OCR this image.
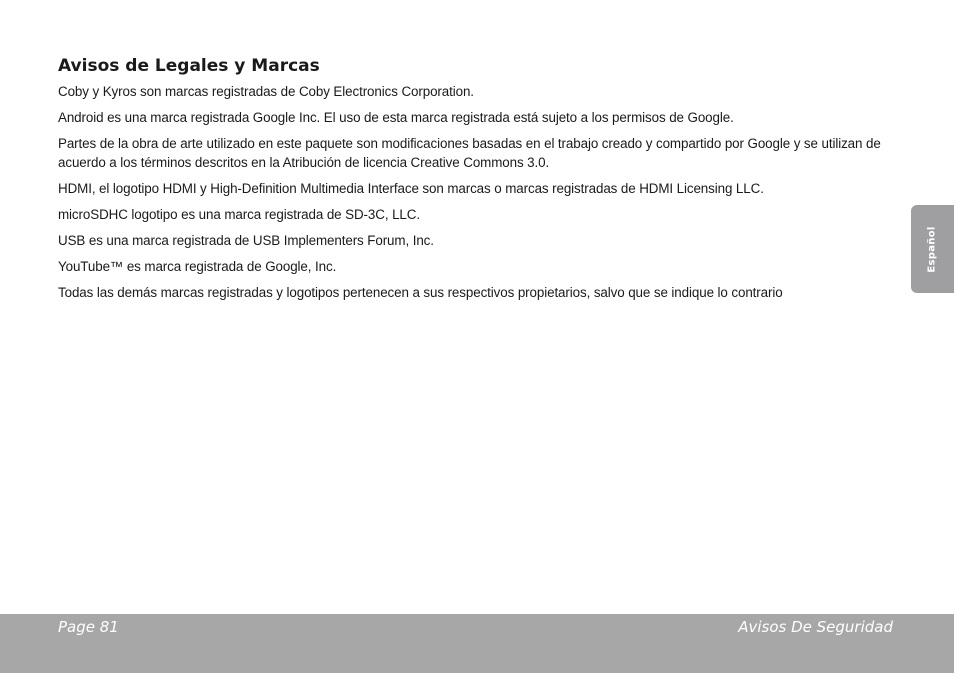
Avisos de Legales y Marcas

Coby y Kyros son marcas registradas de Coby Electronics Corporation.

Android es una marca registrada Google Inc. El uso de esta marca registrada está sujeto a los permisos de Google.

Partes de la obra de arte utilizado en este paquete son modificaciones basadas en el trabajo creado y compartido por Google y se utilizan de acuerdo a los términos descritos en la Atribución de licencia Creative Commons 3.0.

HDMI, el logotipo HDMI y High-Definition Multimedia Interface son marcas o marcas registradas de HDMI Licensing LLC.

microSDHC logotipo es una marca registrada de SD-3C, LLC.

USB es una marca registrada de USB Implementers Forum, Inc.

YouTube™ es marca registrada de Google, Inc.

Todas las demás marcas registradas y logotipos pertenecen a sus respectivos propietarios, salvo que se indique lo contrario

Español
Page 81	Avisos De Seguridad
